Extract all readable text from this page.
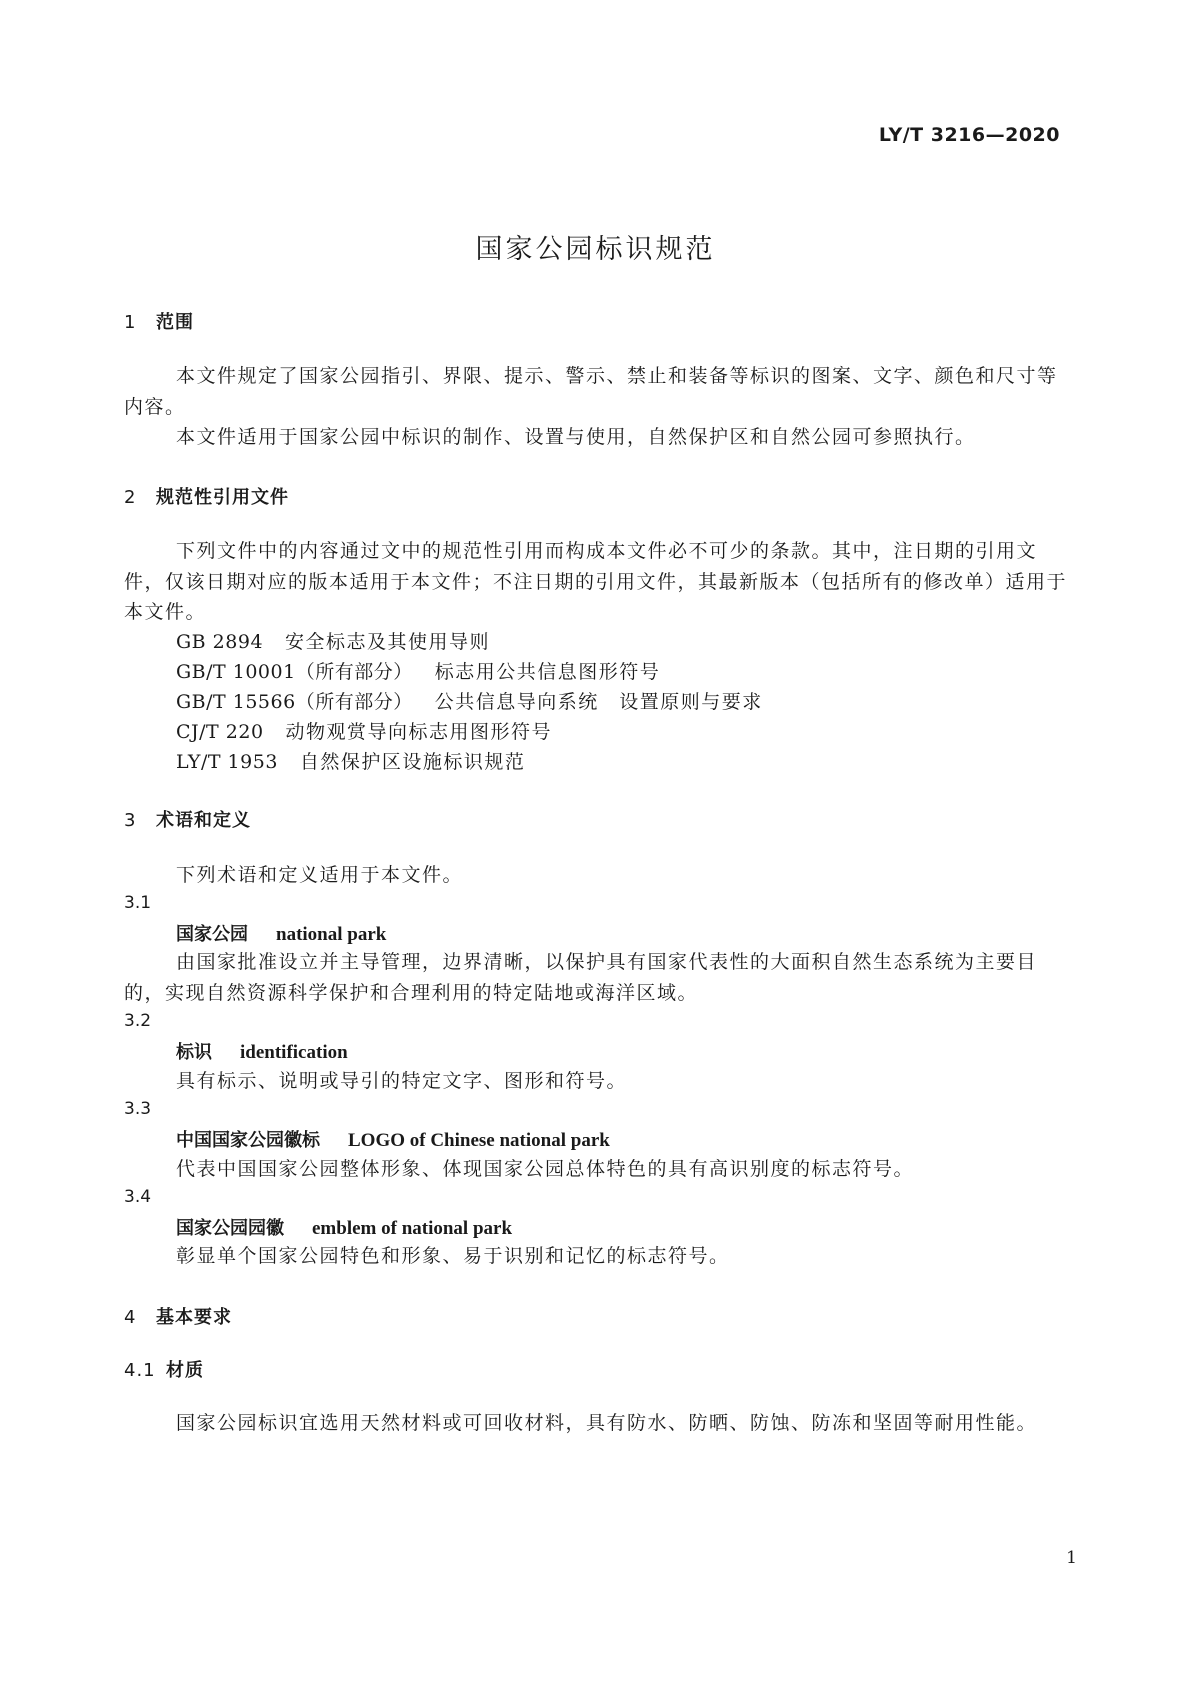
LY/T 3216—2020
国家公园标识规范
1 范围
本文件规定了国家公园指引、界限、提示、警示、禁止和装备等标识的图案、文字、颜色和尺寸等
内容。
本文件适用于国家公园中标识的制作、设置与使用，自然保护区和自然公园可参照执行。
2 规范性引用文件
下列文件中的内容通过文中的规范性引用而构成本文件必不可少的条款。其中，注日期的引用文
件，仅该日期对应的版本适用于本文件；不注日期的引用文件，其最新版本（包括所有的修改单）适用于
本文件。
GB 2894 安全标志及其使用导则
GB/T 10001（所有部分） 标志用公共信息图形符号
GB/T 15566（所有部分） 公共信息导向系统　设置原则与要求
CJ/T 220 动物观赏导向标志用图形符号
LY/T 1953 自然保护区设施标识规范
3 术语和定义
下列术语和定义适用于本文件。
3.1
国家公园 national park
由国家批准设立并主导管理，边界清晰，以保护具有国家代表性的大面积自然生态系统为主要目
的，实现自然资源科学保护和合理利用的特定陆地或海洋区域。
3.2
标识 identification
具有标示、说明或导引的特定文字、图形和符号。
3.3
中国国家公园徽标 LOGO of Chinese national park
代表中国国家公园整体形象、体现国家公园总体特色的具有高识别度的标志符号。
3.4
国家公园园徽 emblem of national park
彰显单个国家公园特色和形象、易于识别和记忆的标志符号。
4 基本要求
4.1 材质
国家公园标识宜选用天然材料或可回收材料，具有防水、防晒、防蚀、防冻和坚固等耐用性能。
1
